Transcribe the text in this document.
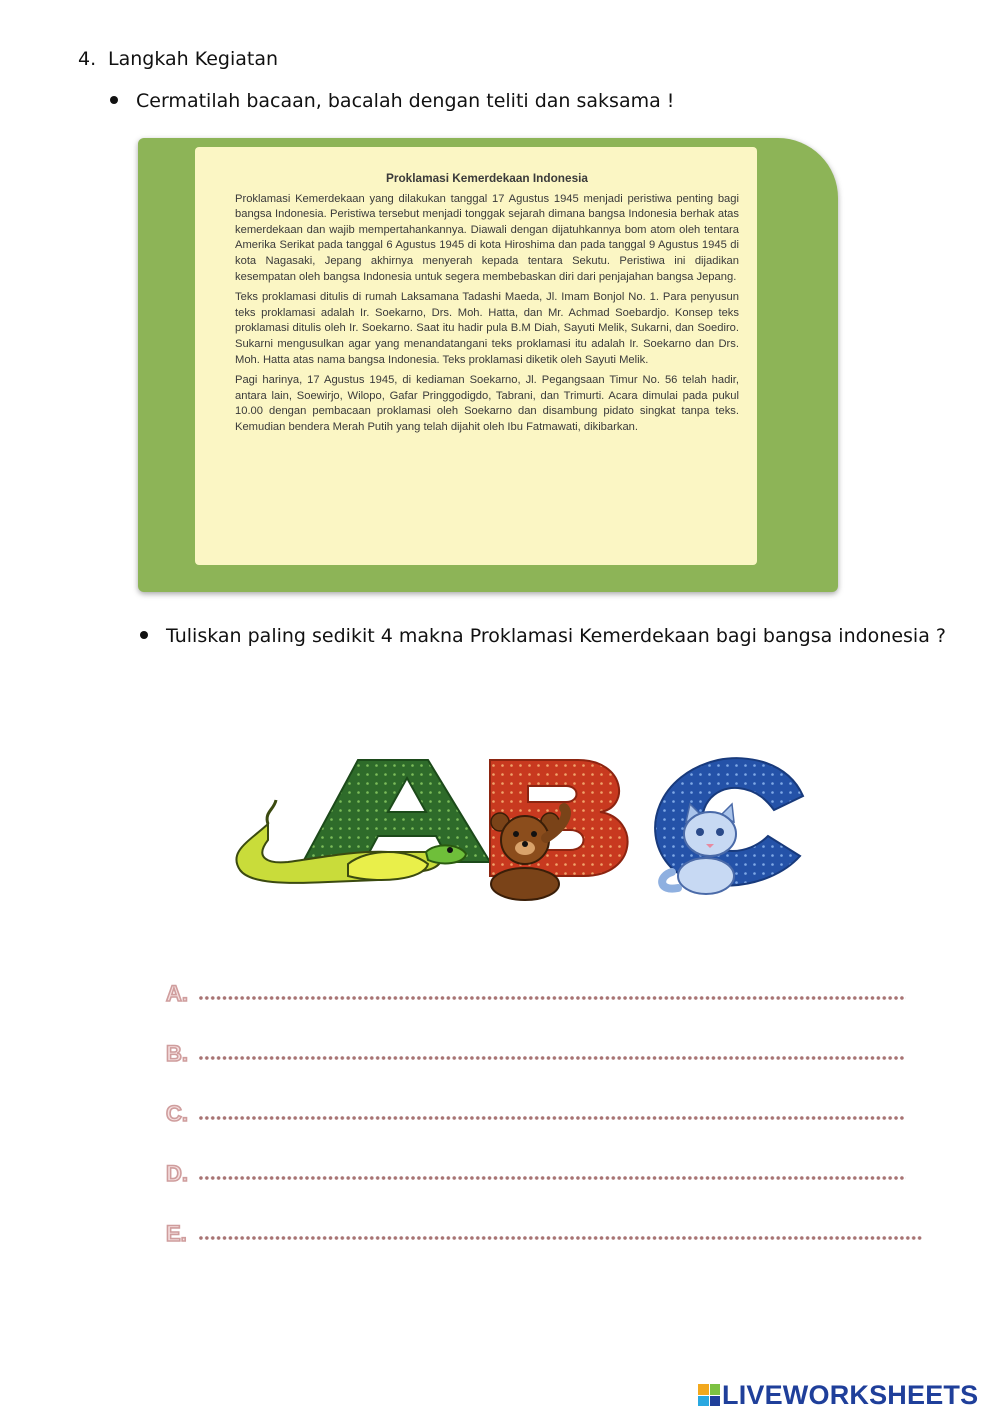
4. Langkah Kegiatan
Cermatilah bacaan, bacalah dengan teliti dan saksama !
Proklamasi Kemerdekaan Indonesia

Proklamasi Kemerdekaan yang dilakukan tanggal 17 Agustus 1945 menjadi peristiwa penting bagi bangsa Indonesia. Peristiwa tersebut menjadi tonggak sejarah dimana bangsa Indonesia berhak atas kemerdekaan dan wajib mempertahankannya. Diawali dengan dijatuhkannya bom atom oleh tentara Amerika Serikat pada tanggal 6 Agustus 1945 di kota Hiroshima dan pada tanggal 9 Agustus 1945 di kota Nagasaki, Jepang akhirnya menyerah kepada tentara Sekutu. Peristiwa ini dijadikan kesempatan oleh bangsa Indonesia untuk segera membebaskan diri dari penjajahan bangsa Jepang.

Teks proklamasi ditulis di rumah Laksamana Tadashi Maeda, Jl. Imam Bonjol No. 1. Para penyusun teks proklamasi adalah Ir. Soekarno, Drs. Moh. Hatta, dan Mr. Achmad Soebardjo. Konsep teks proklamasi ditulis oleh Ir. Soekarno. Saat itu hadir pula B.M Diah, Sayuti Melik, Sukarni, dan Soediro. Sukarni mengusulkan agar yang menandatangani teks proklamasi itu adalah Ir. Soekarno dan Drs. Moh. Hatta atas nama bangsa Indonesia. Teks proklamasi diketik oleh Sayuti Melik.

Pagi harinya, 17 Agustus 1945, di kediaman Soekarno, Jl. Pegangsaan Timur No. 56 telah hadir, antara lain, Soewirjo, Wilopo, Gafar Pringgodigdo, Tabrani, dan Trimurti. Acara dimulai pada pukul 10.00 dengan pembacaan proklamasi oleh Soekarno dan disambung pidato singkat tanpa teks. Kemudian bendera Merah Putih yang telah dijahit oleh Ibu Fatmawati, dikibarkan.

Tuliskan paling sedikit 4 makna Proklamasi Kemerdekaan bagi bangsa indonesia ?
A.
B.
C.
D.
E.
LIVEWORKSHEETS
